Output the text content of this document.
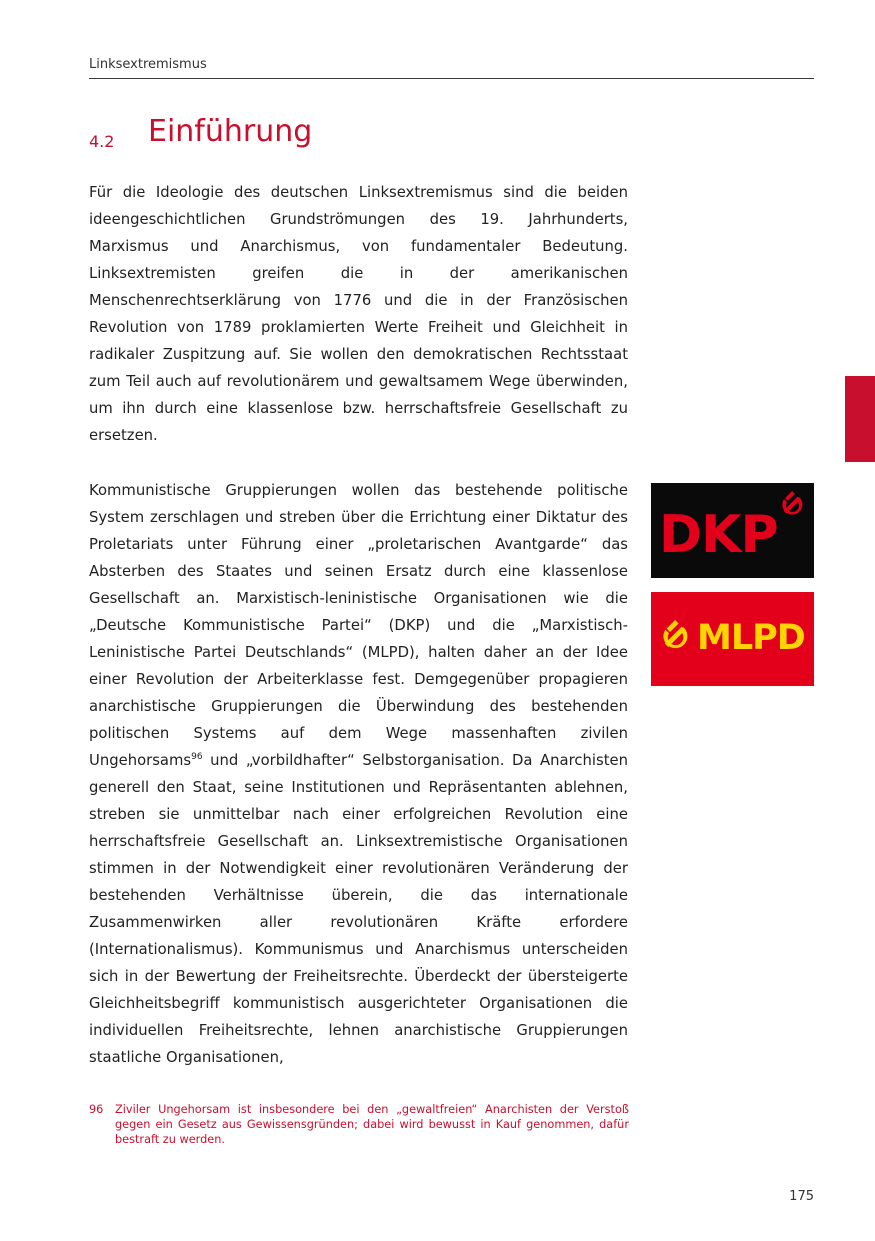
Linksextremismus
4.2 Einführung

Für die Ideologie des deutschen Linksextremismus sind die beiden ideengeschichtlichen Grundströmungen des 19. Jahrhunderts, Marxismus und Anarchismus, von fundamentaler Bedeutung. Linksextremisten greifen die in der amerikanischen Menschenrechtserklärung von 1776 und die in der Französischen Revolution von 1789 proklamierten Werte Freiheit und Gleichheit in radikaler Zuspitzung auf. Sie wollen den demokratischen Rechtsstaat zum Teil auch auf revolutionärem und gewaltsamem Wege überwinden, um ihn durch eine klassenlose bzw. herrschaftsfreie Gesellschaft zu ersetzen.

Kommunistische Gruppierungen wollen das bestehende politische System zerschlagen und streben über die Errichtung einer Diktatur des Proletariats unter Führung einer „proletarischen Avantgarde“ das Absterben des Staates und seinen Ersatz durch eine klassenlose Gesellschaft an. Marxistisch-leninistische Organisationen wie die „Deutsche Kommunistische Partei“ (DKP) und die „Marxistisch-Leninistische Partei Deutschlands“ (MLPD), halten daher an der Idee einer Revolution der Arbeiterklasse fest. Demgegenüber propagieren anarchistische Gruppierungen die Überwindung des bestehenden politischen Systems auf dem Wege massenhaften zivilen Ungehorsams$^{96}$ und „vorbildhafter“ Selbstorganisation. Da Anarchisten generell den Staat, seine Institutionen und Repräsentanten ablehnen, streben sie unmittelbar nach einer erfolgreichen Revolution eine herrschaftsfreie Gesellschaft an. Linksextremistische Organisationen stimmen in der Notwendigkeit einer revolutionären Veränderung der bestehenden Verhältnisse überein, die das internationale Zusammenwirken aller revolutionären Kräfte erfordere (Internationalismus). Kommunismus und Anarchismus unterscheiden sich in der Bewertung der Freiheitsrechte. Überdeckt der übersteigerte Gleichheitsbegriff kommunistisch ausgerichteter Organisationen die individuellen Freiheitsrechte, lehnen anarchistische Gruppierungen staatliche Organisationen,

DKP
MLPD
96 Ziviler Ungehorsam ist insbesondere bei den „gewaltfreien“ Anarchisten der Verstoß gegen ein Gesetz aus Gewissensgründen; dabei wird bewusst in Kauf genommen, dafür bestraft zu werden.
175
